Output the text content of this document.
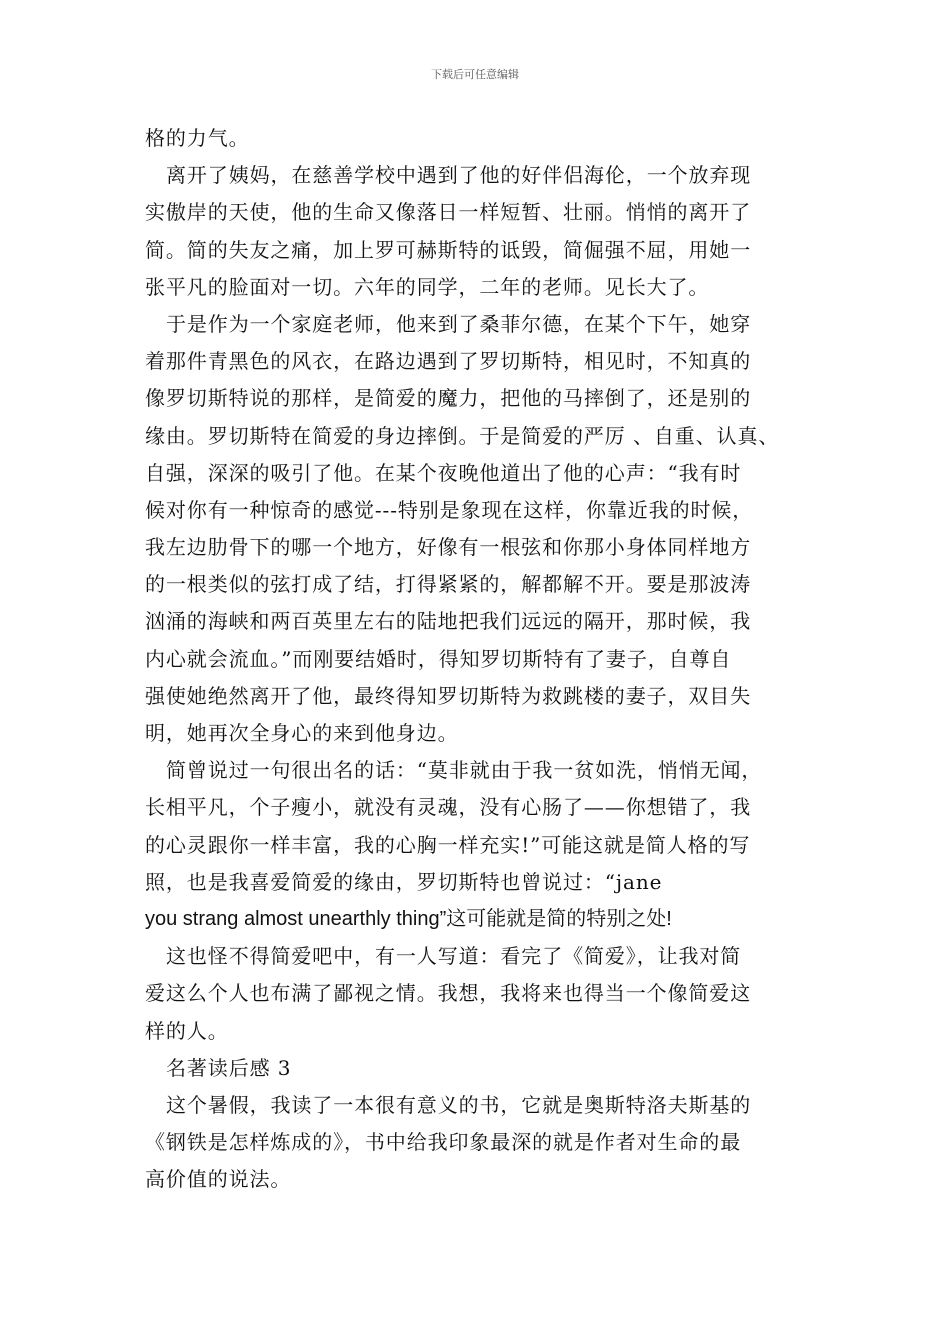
下载后可任意编辑
格的力气。
离开了姨妈，在慈善学校中遇到了他的好伴侣海伦，一个放弃现
实傲岸的天使，他的生命又像落日一样短暂、壮丽。悄悄的离开了
简。简的失友之痛，加上罗可赫斯特的诋毁，简倔强不屈，用她一
张平凡的脸面对一切。六年的同学，二年的老师。见长大了。
于是作为一个家庭老师，他来到了桑菲尔德，在某个下午，她穿
着那件青黑色的风衣，在路边遇到了罗切斯特，相见时，不知真的
像罗切斯特说的那样，是简爱的魔力，把他的马摔倒了，还是别的
缘由。罗切斯特在简爱的身边摔倒。于是简爱的严厉 、自重、认真、
自强，深深的吸引了他。在某个夜晚他道出了他的心声：“我有时
候对你有一种惊奇的感觉---特别是象现在这样，你靠近我的时候，
我左边肋骨下的哪一个地方，好像有一根弦和你那小身体同样地方
的一根类似的弦打成了结，打得紧紧的，解都解不开。要是那波涛
汹涌的海峡和两百英里左右的陆地把我们远远的隔开，那时候，我
内心就会流血。”而刚要结婚时，得知罗切斯特有了妻子，自尊自
强使她绝然离开了他，最终得知罗切斯特为救跳楼的妻子，双目失
明，她再次全身心的来到他身边。
简曾说过一句很出名的话：“莫非就由于我一贫如洗，悄悄无闻，
长相平凡，个子瘦小，就没有灵魂，没有心肠了——你想错了，我
的心灵跟你一样丰富，我的心胸一样充实!”可能这就是简人格的写
照，也是我喜爱简爱的缘由，罗切斯特也曾说过：“jane
you strang almost unearthly thing”这可能就是简的特别之处!
这也怪不得简爱吧中，有一人写道：看完了《简爱》，让我对简
爱这么个人也布满了鄙视之情。我想，我将来也得当一个像简爱这
样的人。
名著读后感 3
这个暑假，我读了一本很有意义的书，它就是奥斯特洛夫斯基的
《钢铁是怎样炼成的》，书中给我印象最深的就是作者对生命的最
高价值的说法。
